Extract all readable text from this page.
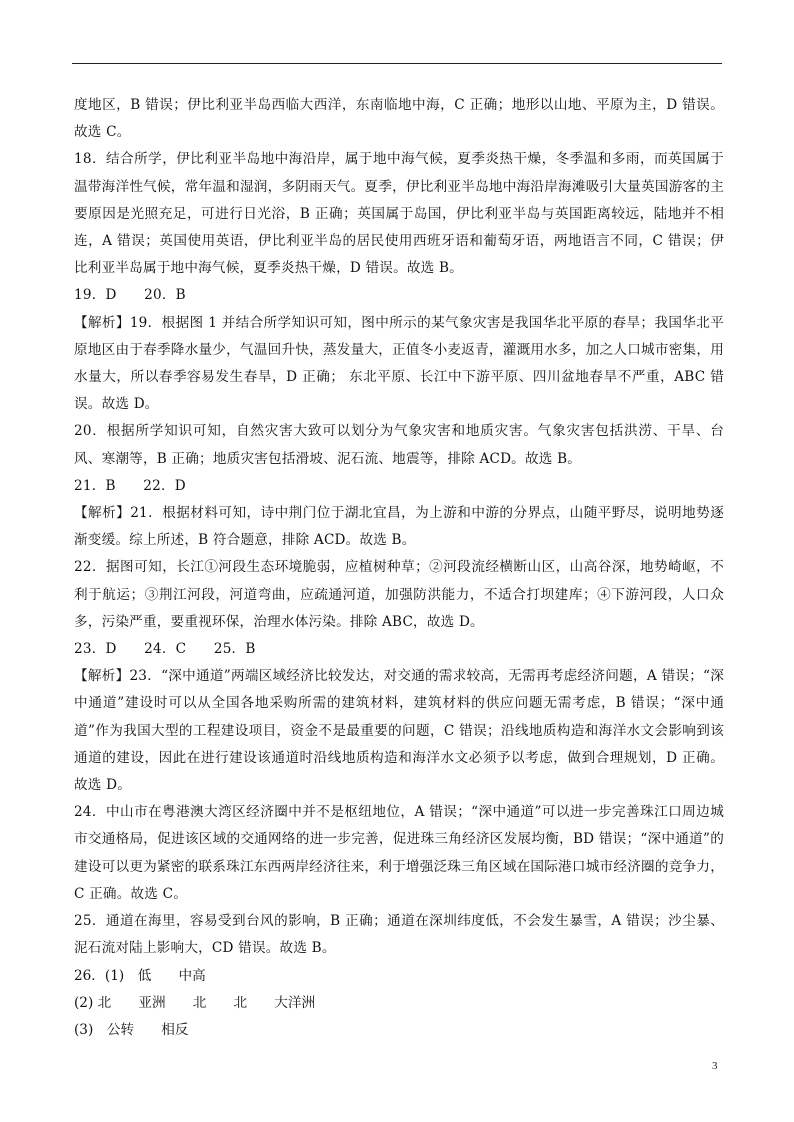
度地区，B 错误；伊比利亚半岛西临大西洋，东南临地中海，C 正确；地形以山地、平原为主，D 错误。故选 C。

18．结合所学，伊比利亚半岛地中海沿岸，属于地中海气候，夏季炎热干燥，冬季温和多雨，而英国属于温带海洋性气候，常年温和湿润，多阴雨天气。夏季，伊比利亚半岛地中海沿岸海滩吸引大量英国游客的主要原因是光照充足，可进行日光浴，B 正确；英国属于岛国，伊比利亚半岛与英国距离较远，陆地并不相连，A 错误；英国使用英语，伊比利亚半岛的居民使用西班牙语和葡萄牙语，两地语言不同，C 错误；伊比利亚半岛属于地中海气候，夏季炎热干燥，D 错误。故选 B。

19．D　　20．B

【解析】19．根据图 1 并结合所学知识可知，图中所示的某气象灾害是我国华北平原的春旱；我国华北平原地区由于春季降水量少，气温回升快，蒸发量大，正值冬小麦返青，灌溉用水多，加之人口城市密集，用水量大，所以春季容易发生春旱，D 正确； 东北平原、长江中下游平原、四川盆地春旱不严重，ABC 错误。故选 D。

20．根据所学知识可知，自然灾害大致可以划分为气象灾害和地质灾害。气象灾害包括洪涝、干旱、台风、寒潮等，B 正确；地质灾害包括滑坡、泥石流、地震等，排除 ACD。故选 B。

21．B　　22．D

【解析】21．根据材料可知，诗中荆门位于湖北宜昌，为上游和中游的分界点，山随平野尽，说明地势逐渐变缓。综上所述，B 符合题意，排除 ACD。故选 B。

22．据图可知，长江①河段生态环境脆弱，应植树种草；②河段流经横断山区，山高谷深，地势崎岖，不利于航运；③荆江河段，河道弯曲，应疏通河道，加强防洪能力，不适合打坝建库；④下游河段，人口众多，污染严重，要重视环保，治理水体污染。排除 ABC，故选 D。

23．D　　24．C　　25．B

【解析】23．“深中通道”两端区域经济比较发达，对交通的需求较高，无需再考虑经济问题，A 错误；“深中通道”建设时可以从全国各地采购所需的建筑材料，建筑材料的供应问题无需考虑，B 错误；“深中通道”作为我国大型的工程建设项目，资金不是最重要的问题，C 错误；沿线地质构造和海洋水文会影响到该通道的建设，因此在进行建设该通道时沿线地质构造和海洋水文必须予以考虑，做到合理规划，D 正确。故选 D。

24．中山市在粤港澳大湾区经济圈中并不是枢纽地位，A 错误；“深中通道”可以进一步完善珠江口周边城市交通格局，促进该区域的交通网络的进一步完善，促进珠三角经济区发展均衡，BD 错误；“深中通道”的建设可以更为紧密的联系珠江东西两岸经济往来，利于增强泛珠三角区域在国际港口城市经济圈的竞争力，C 正确。故选 C。

25．通道在海里，容易受到台风的影响，B 正确；通道在深圳纬度低，不会发生暴雪，A 错误；沙尘暴、泥石流对陆上影响大，CD 错误。故选 B。

26．(1)　低　　中高

(2) 北　　亚洲　　北　　北　　大洋洲

(3)　公转　　相反

3
